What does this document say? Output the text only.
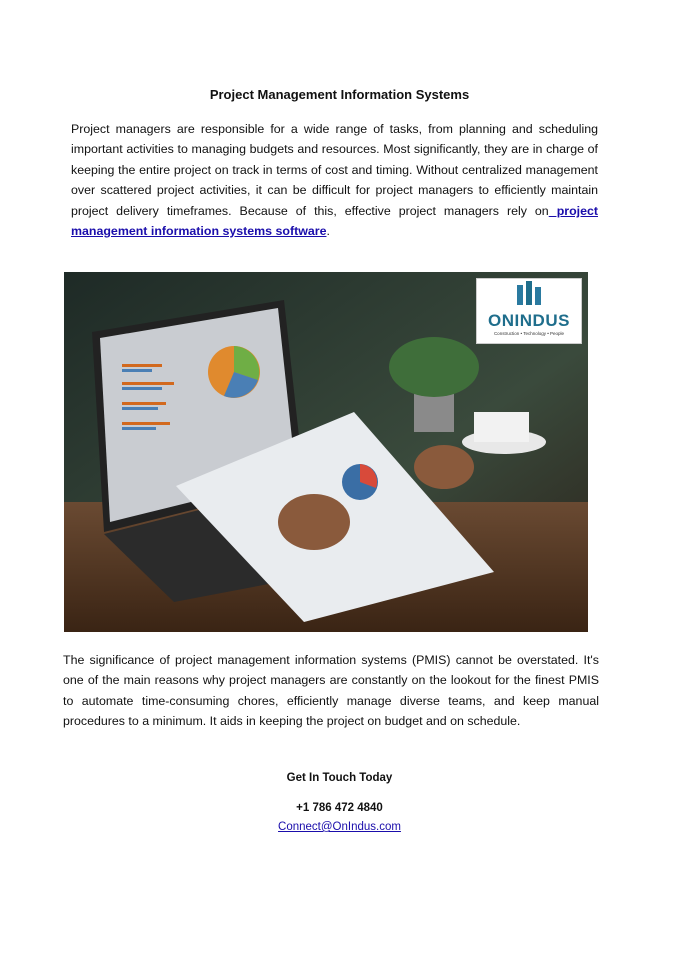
Project Management Information Systems
Project managers are responsible for a wide range of tasks, from planning and scheduling important activities to managing budgets and resources. Most significantly, they are in charge of keeping the entire project on track in terms of cost and timing. Without centralized management over scattered project activities, it can be difficult for project managers to efficiently maintain project delivery timeframes. Because of this, effective project managers rely on project management information systems software.
ONINDUS
Construction • Technology • People
The significance of project management information systems (PMIS) cannot be overstated. It's one of the main reasons why project managers are constantly on the lookout for the finest PMIS to automate time-consuming chores, efficiently manage diverse teams, and keep manual procedures to a minimum. It aids in keeping the project on budget and on schedule.
Get In Touch Today
+1 786 472 4840
Connect@OnIndus.com
